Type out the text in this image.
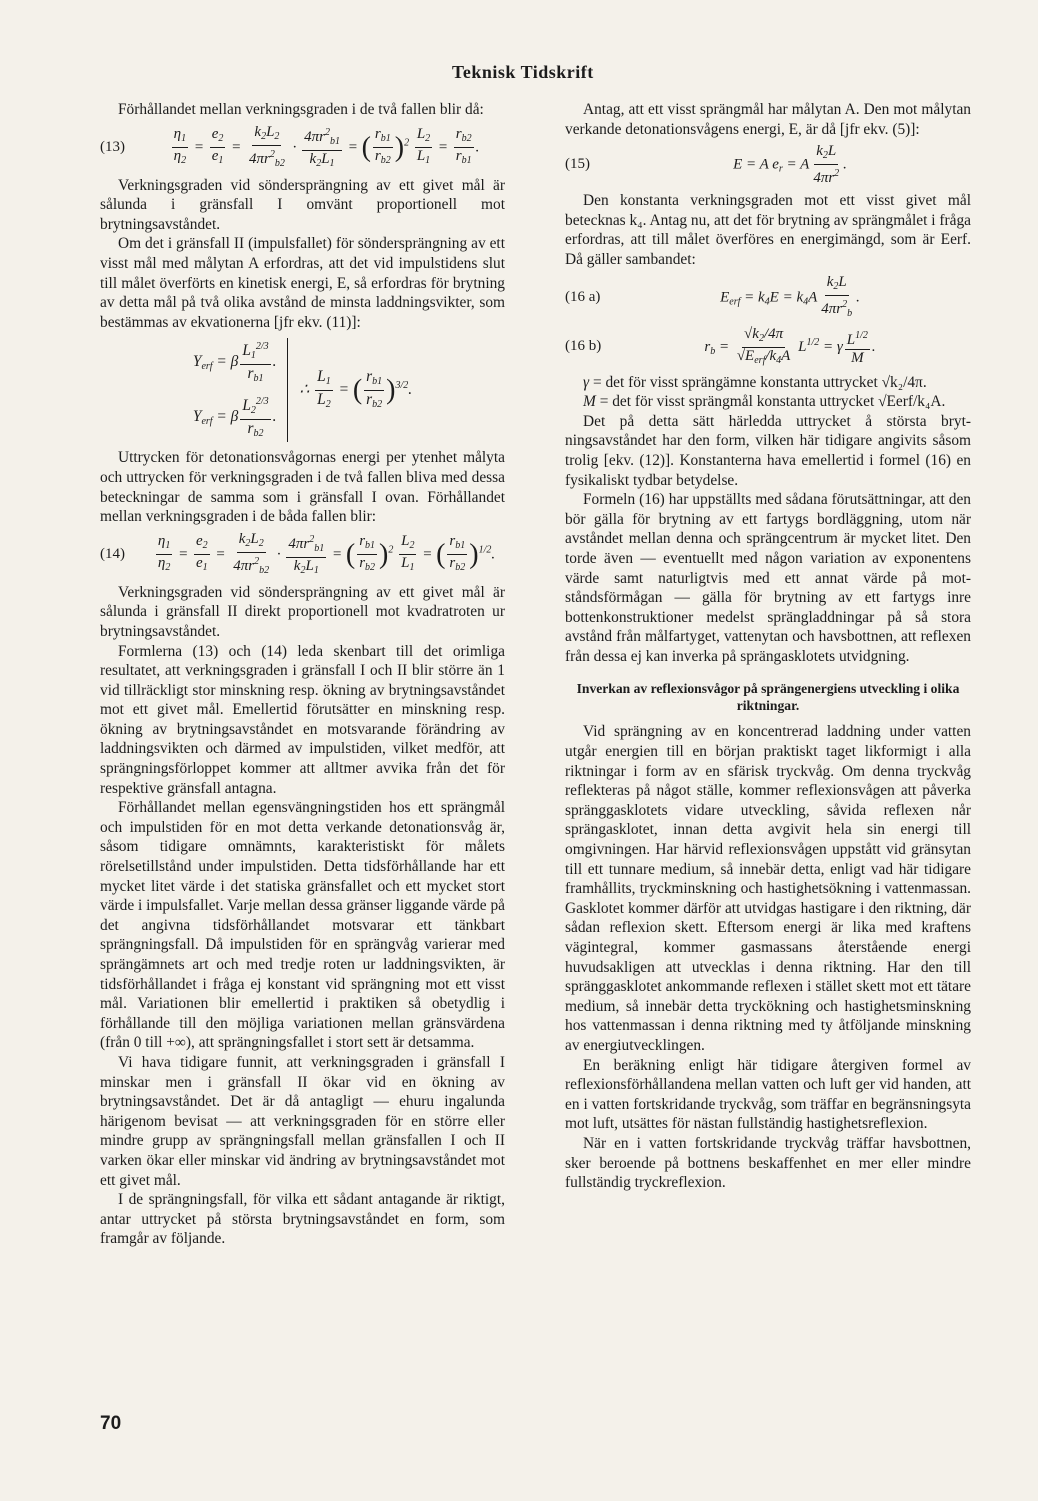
Teknisk Tidskrift

Förhållandet mellan verkningsgraden i de två fallen blir då:

(13)	$\frac{\eta_1}{\eta_2} = \frac{e_2}{e_1} = \frac{k_2L_2}{4\pi r^2_{b2}} \cdot \frac{4\pi r^2_{b1}}{k_2L_1}$ = ( $\frac{r_{b1}}{r_{b2}} )^2 \frac{L_2}{L_1} = \frac{r_{b2}}{r_{b1}}$ .

Verkningsgraden vid söndersprängning av ett givet mål är sålunda i gränsfall I omvänt proportionell mot brytningsavståndet.

Om det i gränsfall II (impulsfallet) för söndersprängning av ett visst mål med målytan A erfordras, att det vid impulstidens slut till målet överförts en kinetisk energi, E, så erfordras för brytning av detta mål på två olika avstånd de minsta laddningsvikter, som bestämmas av ekvationerna [jfr ekv. (11)]:

$Y_{erf} = \beta \frac{L_1^{2/3}}{r_{b1}}$ .
$Y_{erf} = \beta \frac{L_2^{2/3}}{r_{b2}}$ .
∴ $\frac{L_1}{L_2}$ = ( $\frac{r_{b1}}{r_{b2}} )^{3/2}$.

Uttrycken för detonationsvågornas energi per ytenhet målyta och uttrycken för verkningsgraden i de två fallen bliva med dessa beteckningar de samma som i gränsfall I ovan. Förhållandet mellan verkningsgraden i de båda fallen blir:

(14)	$\frac{\eta_1}{\eta_2} = \frac{e_2}{e_1} = \frac{k_2L_2}{4\pi r^2_{b2}} \cdot \frac{4\pi r^2_{b1}}{k_2L_1}$ = ( $\frac{r_{b1}}{r_{b2}} )^2 \frac{L_2}{L_1}$ = ( $\frac{r_{b1}}{r_{b2}} )^{1/2}$.

Verkningsgraden vid söndersprängning av ett givet mål är sålunda i gränsfall II direkt proportionell mot kvadratroten ur brytningsavståndet.

Formlerna (13) och (14) leda skenbart till det orimliga resultatet, att verkningsgraden i gränsfall I och II blir större än 1 vid tillräckligt stor minskning resp. ökning av brytningsavståndet mot ett givet mål. Emellertid förutsätter en minskning resp. ökning av brytningsavståndet en motsvarande förändring av laddningsvikten och därmed av impulstiden, vilket medför, att sprängningsförloppet kommer att alltmer avvika från det för respektive gränsfall antagna.

Förhållandet mellan egensvängningstiden hos ett sprängmål och impulstiden för en mot detta verkande detonationsvåg är, såsom tidigare omnämnts, karakteristiskt för målets rörelsetillstånd under impulstiden. Detta tidsförhållande har ett mycket litet värde i det statiska gränsfallet och ett mycket stort värde i impulsfallet. Varje mellan dessa gränser liggande värde på det angivna tidsförhållandet motsvarar ett tänkbart sprängningsfall. Då impulstiden för en sprängvåg varierar med sprängämnets art och med tredje roten ur laddningsvikten, är tidsförhållandet i fråga ej konstant vid sprängning mot ett visst mål. Variationen blir emellertid i praktiken så obetydlig i förhållande till den möjliga variationen mellan gränsvärdena (från 0 till +∞), att sprängningsfallet i stort sett är detsamma.

Vi hava tidigare funnit, att verkningsgraden i gränsfall I minskar men i gränsfall II ökar vid en ökning av brytningsavståndet. Det är då antagligt — ehuru ingalunda härigenom bevisat — att verkningsgraden för en större eller mindre grupp av sprängningsfall mellan gränsfallen I och II varken ökar eller minskar vid ändring av brytningsavståndet mot ett givet mål.

I de sprängningsfall, för vilka ett sådant antagande är riktigt, antar uttrycket på största brytningsavståndet en form, som framgår av följande.

Antag, att ett visst sprängmål har målytan A. Den mot målytan verkande detonationsvågens energi, E, är då [jfr ekv. (5)]:

(15)	E = A $e_r = A \frac{k_2L}{4\pi r^2}$ .

Den konstanta verkningsgraden mot ett visst givet mål betecknas k₄. Antag nu, att det för brytning av sprängmålet i fråga erfordras, att till målet överföres en energimängd, som är Eerf. Då gäller sambandet:

(16 a)	$E_{erf} = k_4E = k_4A \frac{k_2L}{4\pi r^2_b}$ .
(16 b)	$r_b = \frac{√k_2/4\pi}{√E_{erf}/k_4A} L^{1/2} = \gamma \frac{L^{1/2}}{M}$ .

γ = det för visst sprängämne konstanta uttrycket √k₂/4π.

M = det för visst sprängmål konstanta uttrycket √Eerf/k₄A.

Det på detta sätt härledda uttrycket å största brytningsavståndet har den form, vilken här tidigare angivits såsom trolig [ekv. (12)]. Konstanterna hava emellertid i formel (16) en fysikaliskt tydbar betydelse.

Formeln (16) har uppställts med sådana förutsättningar, att den bör gälla för brytning av ett fartygs bordläggning, utom när avståndet mellan denna och sprängcentrum är mycket litet. Den torde även — eventuellt med någon variation av exponentens värde samt naturligtvis med ett annat värde på motståndsförmågan — gälla för brytning av ett fartygs inre bottenkonstruktioner medelst sprängladdningar på så stora avstånd från målfartyget, vattenytan och havsbottnen, att reflexen från dessa ej kan inverka på sprängasklotets utvidgning.

Inverkan av reflexionsvågor på sprängenergiens utveckling i olika riktningar.

Vid sprängning av en koncentrerad laddning under vatten utgår energien till en början praktiskt taget likformigt i alla riktningar i form av en sfärisk tryckvåg. Om denna tryckvåg reflekteras på något ställe, kommer reflexionsvågen att påverka spränggasklotets vidare utveckling, såvida reflexen når sprängasklotet, innan detta avgivit hela sin energi till omgivningen. Har härvid reflexionsvågen uppstått vid gränsytan till ett tunnare medium, så innebär detta, enligt vad här tidigare framhållits, tryckminskning och hastighetsökning i vattenmassan. Gasklotet kommer därför att utvidgas hastigare i den riktning, där sådan reflexion skett. Eftersom energi är lika med kraftens vägintegral, kommer gasmassans återstående energi huvudsakligen att utvecklas i denna riktning. Har den till spränggasklotet ankommande reflexen i stället skett mot ett tätare medium, så innebär detta tryckökning och hastighetsminskning hos vattenmassan i denna riktning med ty åtföljande minskning av energiutvecklingen.

En beräkning enligt här tidigare återgiven formel av reflexionsförhållandena mellan vatten och luft ger vid handen, att en i vatten fortskridande tryckvåg, som träffar en begränsningsyta mot luft, utsättes för nästan fullständig hastighetsreflexion.

När en i vatten fortskridande tryckvåg träffar havsbottnen, sker beroende på bottnens beskaffenhet en mer eller mindre fullständig tryckreflexion.

70
